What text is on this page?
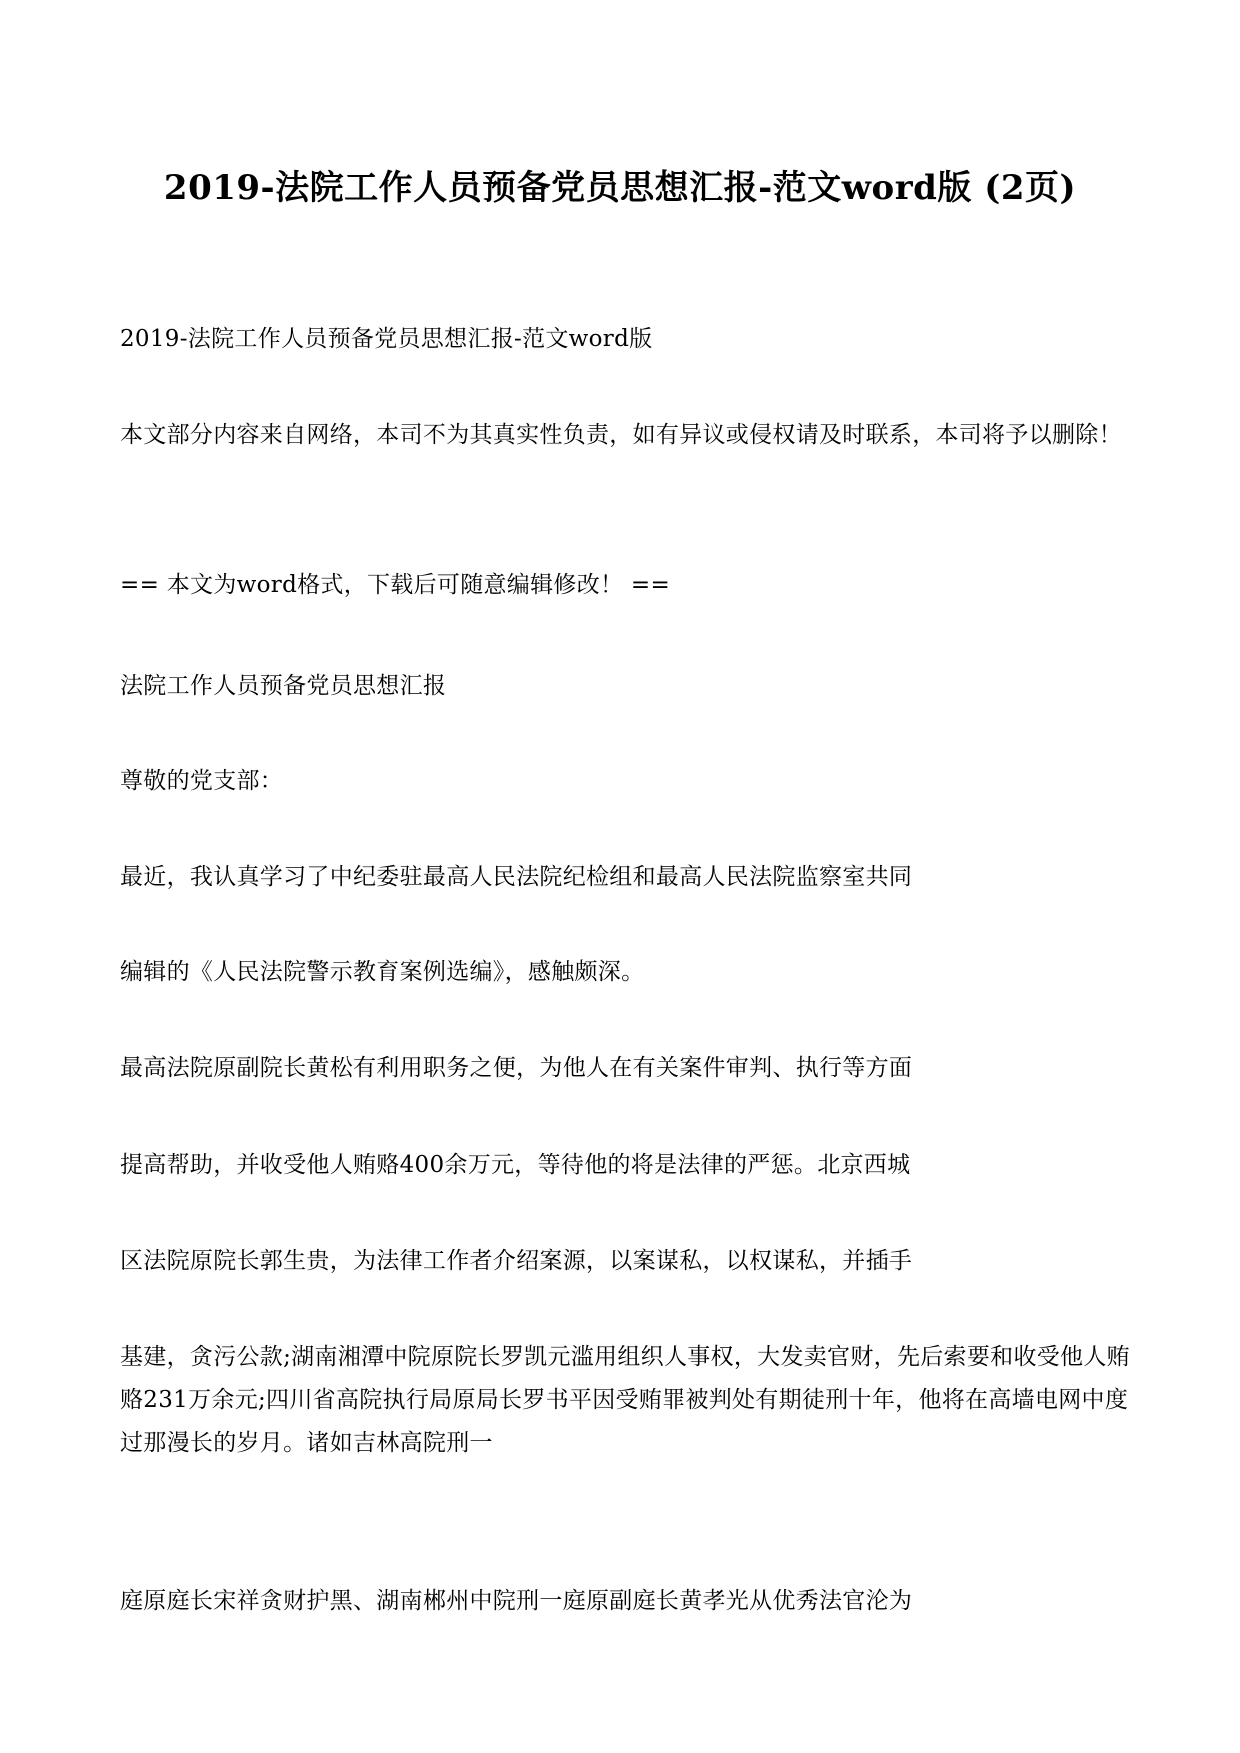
2019-法院工作人员预备党员思想汇报-范文word版 (2页)
2019-法院工作人员预备党员思想汇报-范文word版
本文部分内容来自网络，本司不为其真实性负责，如有异议或侵权请及时联系，本司将予以删除！
== 本文为word格式，下载后可随意编辑修改！ ==
法院工作人员预备党员思想汇报
尊敬的党支部：
最近，我认真学习了中纪委驻最高人民法院纪检组和最高人民法院监察室共同
编辑的《人民法院警示教育案例选编》，感触颇深。
最高法院原副院长黄松有利用职务之便，为他人在有关案件审判、执行等方面
提高帮助，并收受他人贿赂400余万元，等待他的将是法律的严惩。北京西城
区法院原院长郭生贵，为法律工作者介绍案源，以案谋私，以权谋私，并插手
基建，贪污公款;湖南湘潭中院原院长罗凯元滥用组织人事权，大发卖官财，先后索要和收受他人贿赂231万余元;四川省高院执行局原局长罗书平因受贿罪被判处有期徒刑十年，他将在高墙电网中度过那漫长的岁月。诸如吉林高院刑一
庭原庭长宋祥贪财护黑、湖南郴州中院刑一庭原副庭长黄孝光从优秀法官沦为
